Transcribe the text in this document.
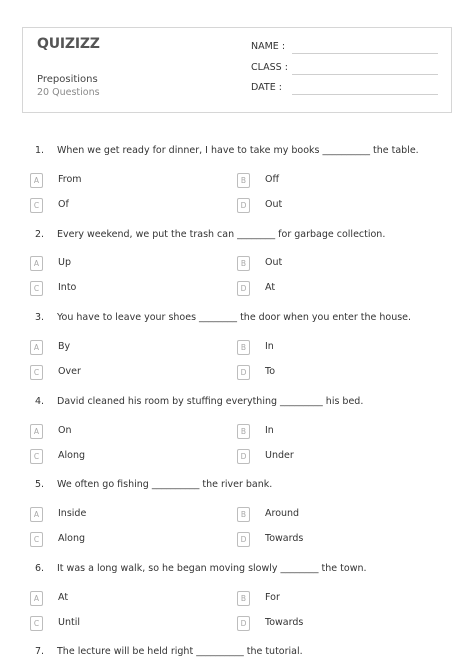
QUIZIZZ
Prepositions
20 Questions
NAME :
CLASS :
DATE :
1. When we get ready for dinner, I have to take my books __________ the table.
A	From	B	Off
C	Of	D	Out
2. Every weekend, we put the trash can ________ for garbage collection.
A	Up	B	Out
C	Into	D	At
3. You have to leave your shoes ________ the door when you enter the house.
A	By	B	In
C	Over	D	To
4. David cleaned his room by stuffing everything _________ his bed.
A	On	B	In
C	Along	D	Under
5. We often go fishing __________ the river bank.
A	Inside	B	Around
C	Along	D	Towards
6. It was a long walk, so he began moving slowly ________ the town.
A	At	B	For
C	Until	D	Towards
7. The lecture will be held right __________ the tutorial.
